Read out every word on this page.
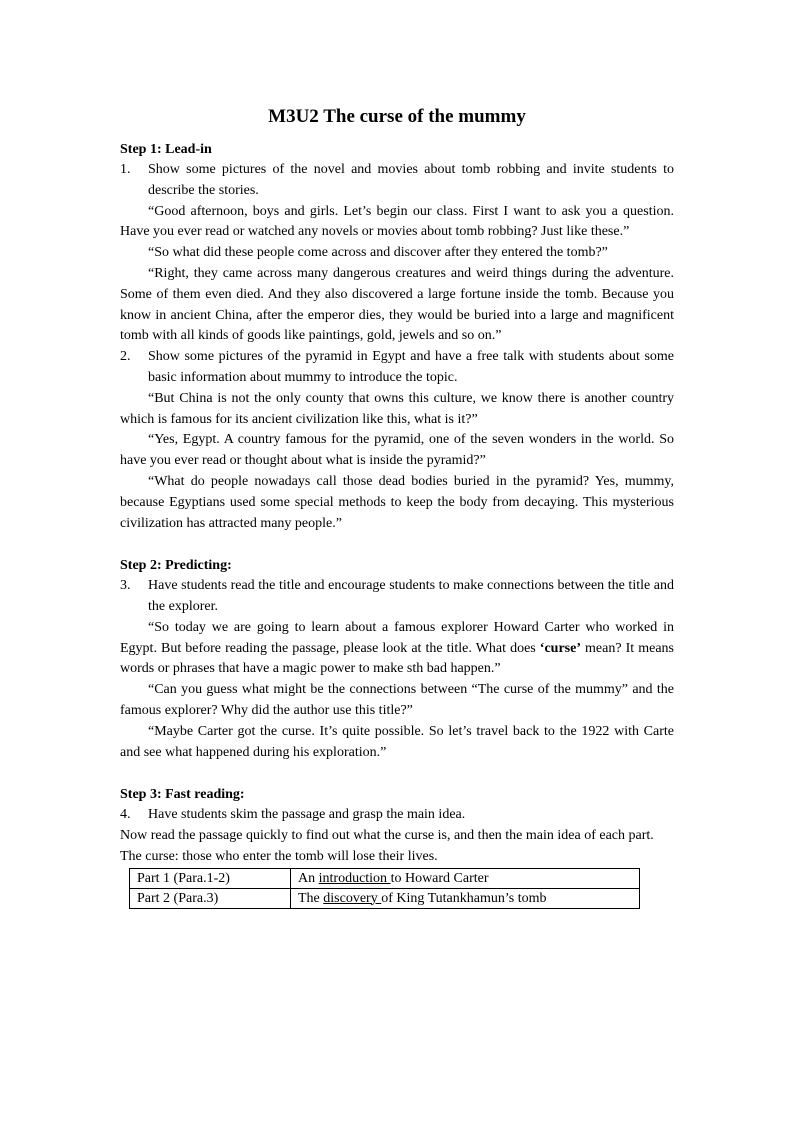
M3U2 The curse of the mummy

Step 1: Lead-in

1.	Show some pictures of the novel and movies about tomb robbing and invite students to describe the stories.

“Good afternoon, boys and girls. Let’s begin our class. First I want to ask you a question. Have you ever read or watched any novels or movies about tomb robbing? Just like these.”

“So what did these people come across and discover after they entered the tomb?”

“Right, they came across many dangerous creatures and weird things during the adventure. Some of them even died. And they also discovered a large fortune inside the tomb. Because you know in ancient China, after the emperor dies, they would be buried into a large and magnificent tomb with all kinds of goods like paintings, gold, jewels and so on.”

2.	Show some pictures of the pyramid in Egypt and have a free talk with students about some basic information about mummy to introduce the topic.

“But China is not the only county that owns this culture, we know there is another country which is famous for its ancient civilization like this, what is it?”

“Yes, Egypt. A country famous for the pyramid, one of the seven wonders in the world. So have you ever read or thought about what is inside the pyramid?”

“What do people nowadays call those dead bodies buried in the pyramid? Yes, mummy, because Egyptians used some special methods to keep the body from decaying. This mysterious civilization has attracted many people.”

Step 2: Predicting:

3.	Have students read the title and encourage students to make connections between the title and the explorer.

“So today we are going to learn about a famous explorer Howard Carter who worked in Egypt. But before reading the passage, please look at the title. What does ‘curse’ mean? It means words or phrases that have a magic power to make sth bad happen.”

“Can you guess what might be the connections between “The curse of the mummy” and the famous explorer? Why did the author use this title?”

“Maybe Carter got the curse. It’s quite possible. So let’s travel back to the 1922 with Carte and see what happened during his exploration.”

Step 3: Fast reading:

4.	Have students skim the passage and grasp the main idea.

Now read the passage quickly to find out what the curse is, and then the main idea of each part.

The curse: those who enter the tomb will lose their lives.

Part 1 (Para.1-2)	An introduction to Howard Carter
Part 2 (Para.3)	The discovery of King Tutankhamun’s tomb
